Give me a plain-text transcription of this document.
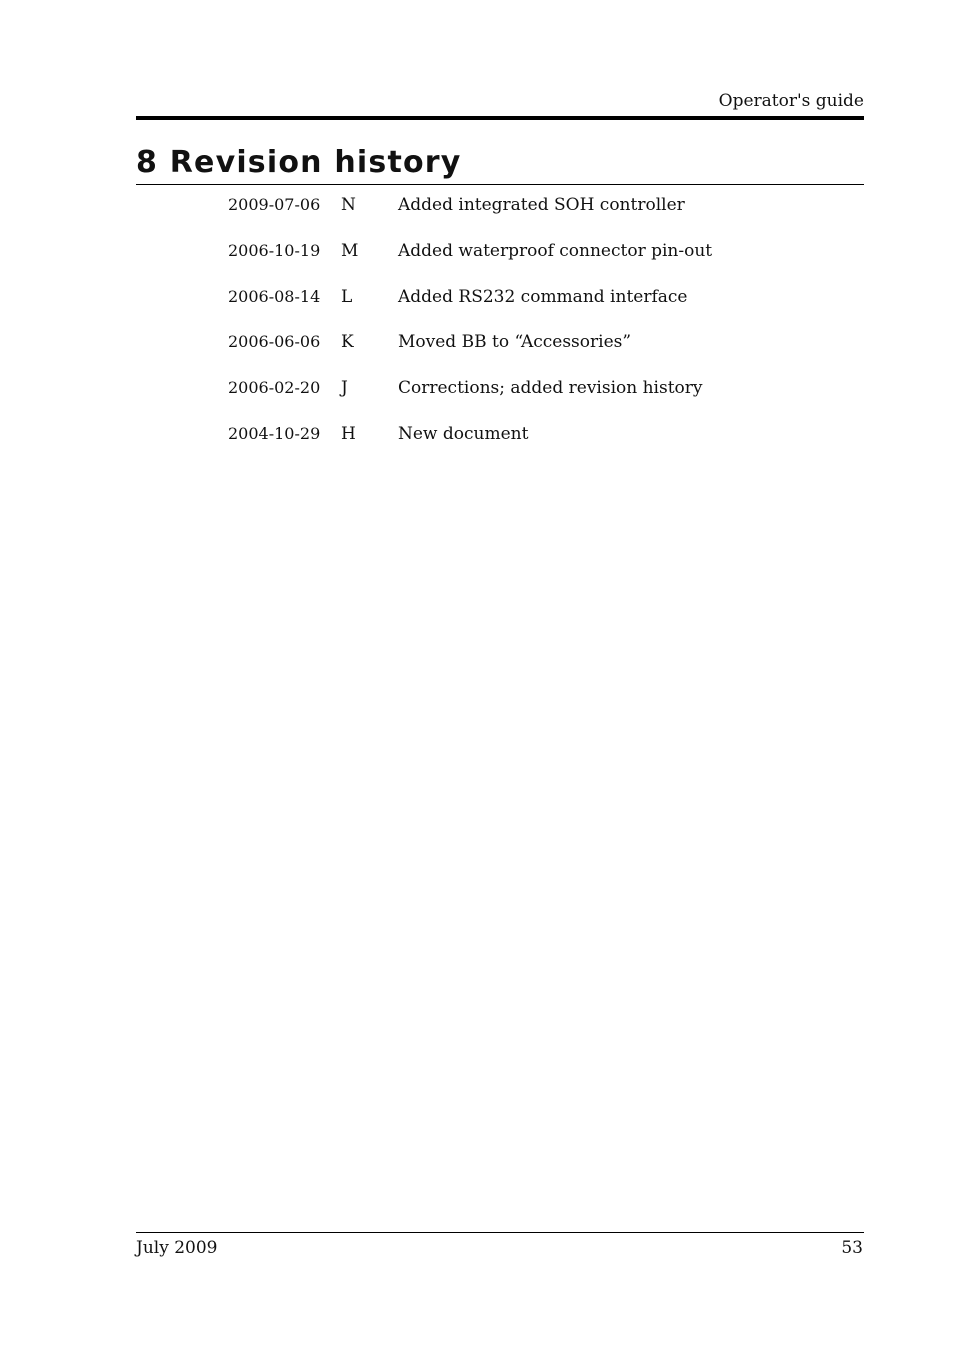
Operator's guide
8 Revision history
2009-07-06	N	Added integrated SOH controller
2006-10-19	M	Added waterproof connector pin-out
2006-08-14	L	Added RS232 command interface
2006-06-06	K	Moved BB to “Accessories”
2006-02-20	J	Corrections; added revision history
2004-10-29	H	New document
July 2009	53
